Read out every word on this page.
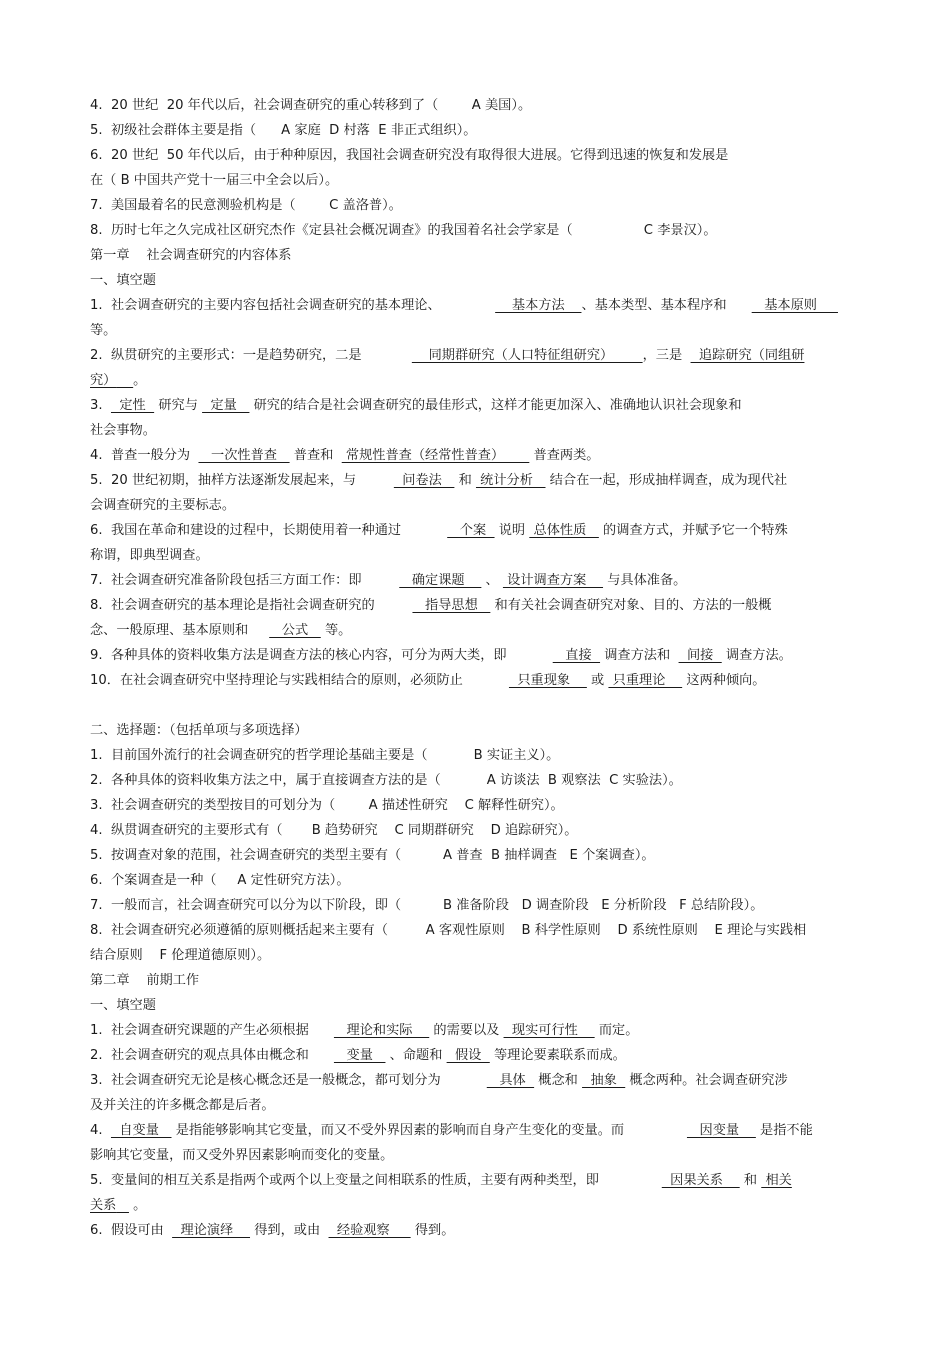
4.  20 世纪  20 年代以后，社会调查研究的重心转移到了（        A 美国）。
5.  初级社会群体主要是指（      A 家庭  D 村落  E 非正式组织）。
6.  20 世纪  50 年代以后，由于种种原因，我国社会调查研究没有取得很大进展。它得到迅速的恢复和发展是
在（ B 中国共产党十一届三中全会以后）。
7.  美国最着名的民意测验机构是（        C 盖洛普）。
8.  历时七年之久完成社区研究杰作《定县社会概况调查》的我国着名社会学家是（                 C 李景汉）。
第一章    社会调查研究的内容体系
一、填空题
1.  社会调查研究的主要内容包括社会调查研究的基本理论、                 基本方法    、基本类型、基本程序和         基本原则
等。
2.  纵贯研究的主要形式：一是趋势研究，二是                同期群研究（人口特征组研究）       ，三是    追踪研究（同组研
究） 。
3.    定性   研究与   定量    研究的结合是社会调查研究的最佳形式，这样才能更加深入、准确地认识社会现象和
社会事物。
4.  普查一般分为     一次性普查    普查和   常规性普查（经常性普查）       普查两类。
5.  20 世纪初期，抽样方法逐渐发展起来，与           问卷法    和  统计分析    结合在一起，形成抽样调查，成为现代社
会调查研究的主要标志。
6.  我国在革命和建设的过程中，长期使用着一种通过              个案   说明  总体性质    的调查方式，并赋予它一个特殊
称谓，即典型调查。
7.  社会调查研究准备阶段包括三方面工作：即            确定课题     、  设计调查方案     与具体准备。
8.  社会调查研究的基本理论是指社会调查研究的            指导思想    和有关社会调查研究对象、目的、方法的一般概
念、一般原理、基本原则和        公式    等。
9.  各种具体的资料收集方法是调查方法的核心内容，可分为两大类，即              直接   调查方法和    间接   调查方法。
10．在社会调查研究中坚持理论与实践相结合的原则，必须防止             只重现象     或  只重理论     这两种倾向。
二、选择题：（包括单项与多项选择）
1.  目前国外流行的社会调查研究的哲学理论基础主要是（           B 实证主义）。
2.  各种具体的资料收集方法之中，属于直接调查方法的是（           A 访谈法  B 观察法  C 实验法）。
3.  社会调查研究的类型按目的可划分为（        A 描述性研究    C 解释性研究）。
4.  纵贯调查研究的主要形式有（       B 趋势研究    C 同期群研究    D 追踪研究）。
5.  按调查对象的范围，社会调查研究的类型主要有（          A 普查  B 抽样调查   E 个案调查）。
6.  个案调查是一种（     A 定性研究方法）。
7.  一般而言，社会调查研究可以分为以下阶段，即（          B 准备阶段   D 调查阶段   E 分析阶段   F 总结阶段）。
8.  社会调查研究必须遵循的原则概括起来主要有（         A 客观性原则    B 科学性原则    D 系统性原则    E 理论与实践相
结合原则    F 伦理道德原则）。
第二章    前期工作
一、填空题
1.  社会调查研究课题的产生必须根据         理论和实际     的需要以及   现实可行性     而定。
2.  社会调查研究的观点具体由概念和         变量    、命题和   假设   等理论要素联系而成。
3.  社会调查研究无论是核心概念还是一般概念，都可划分为              具体   概念和   抽象   概念两种。社会调查研究涉
及并关注的许多概念都是后者。
4.    自变量    是指能够影响其它变量，而又不受外界因素的影响而自身产生变化的变量。而                  因变量     是指不能
影响其它变量，而又受外界因素影响而变化的变量。
5.  变量间的相互关系是指两个或两个以上变量之间相联系的性质，主要有两种类型，即                 因果关系     和  相关
关系    。
6.  假设可由    理论演绎     得到，或由    经验观察      得到。
